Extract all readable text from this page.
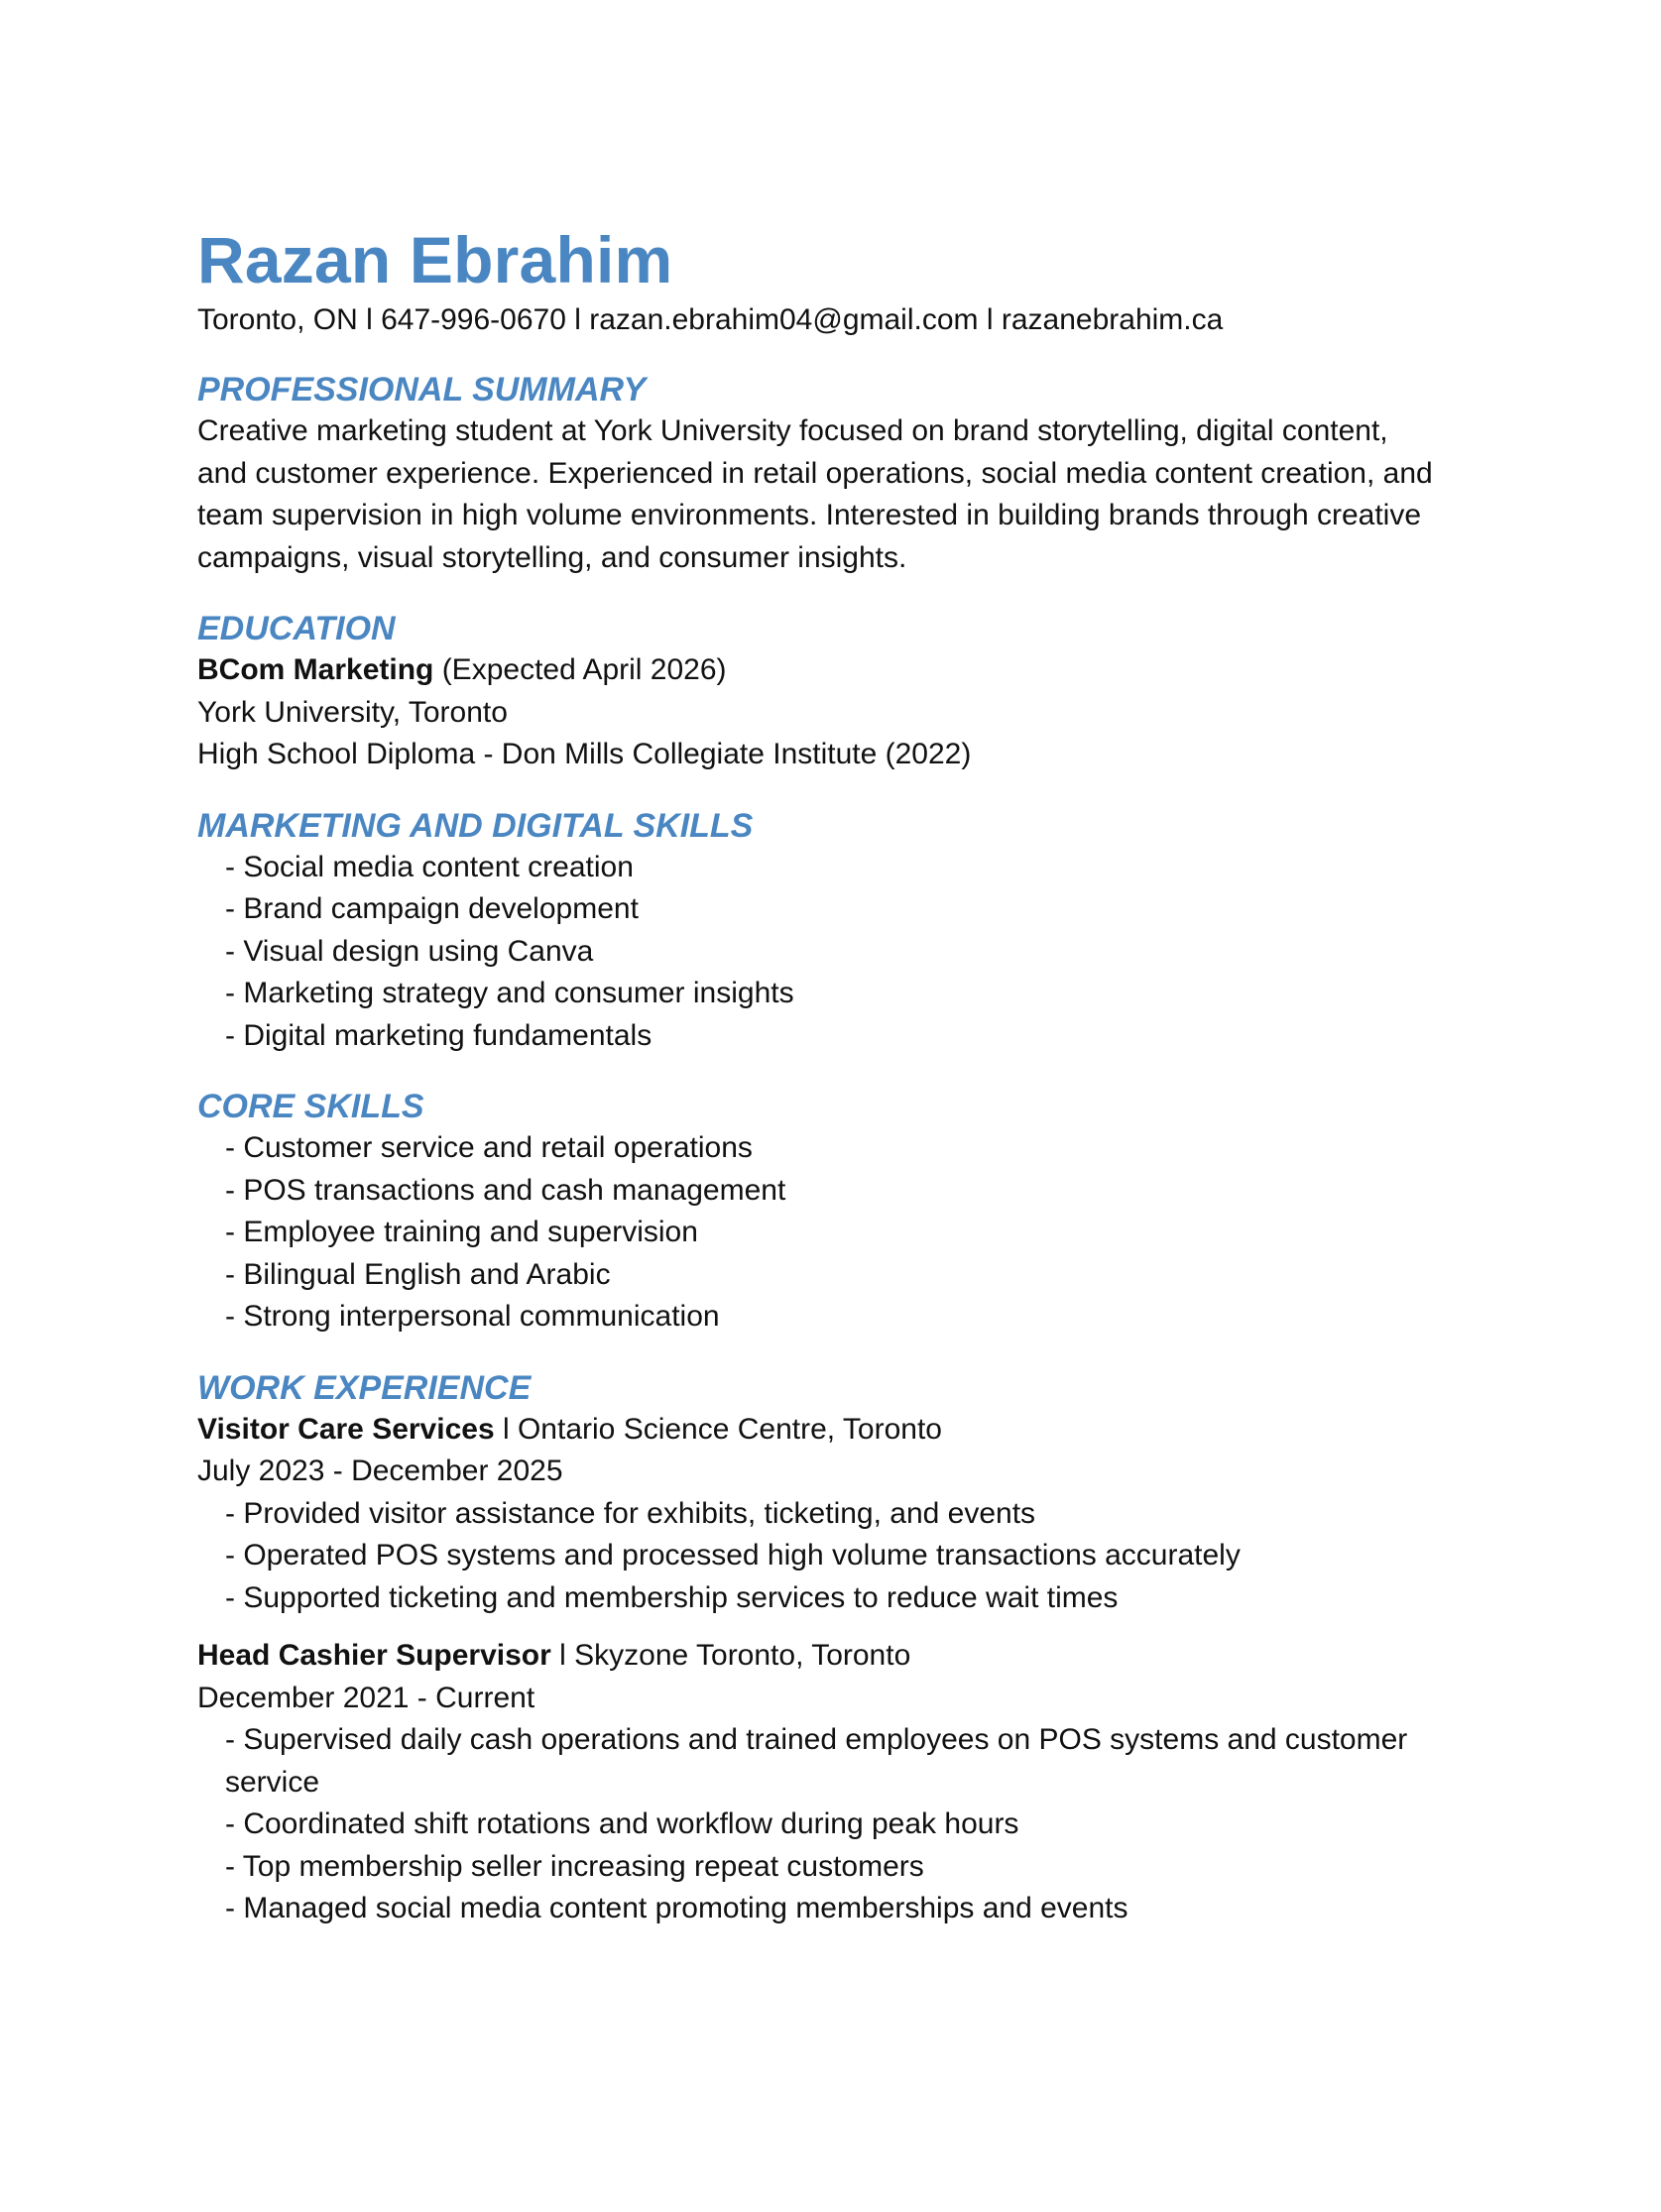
Razan Ebrahim

Toronto, ON l 647-996-0670 l razan.ebrahim04@gmail.com l razanebrahim.ca

PROFESSIONAL SUMMARY

Creative marketing student at York University focused on brand storytelling, digital content,

and customer experience. Experienced in retail operations, social media content creation, and

team supervision in high volume environments. Interested in building brands through creative

campaigns, visual storytelling, and consumer insights.

EDUCATION

BCom Marketing (Expected April 2026)

York University, Toronto

High School Diploma - Don Mills Collegiate Institute (2022)

MARKETING AND DIGITAL SKILLS
- Social media content creation
- Brand campaign development
- Visual design using Canva
- Marketing strategy and consumer insights
- Digital marketing fundamentals
CORE SKILLS
- Customer service and retail operations
- POS transactions and cash management
- Employee training and supervision
- Bilingual English and Arabic
- Strong interpersonal communication
WORK EXPERIENCE

Visitor Care Services l Ontario Science Centre, Toronto

July 2023 - December 2025

- Provided visitor assistance for exhibits, ticketing, and events
- Operated POS systems and processed high volume transactions accurately
- Supported ticketing and membership services to reduce wait times

Head Cashier Supervisor l Skyzone Toronto, Toronto

December 2021 - Current

- Supervised daily cash operations and trained employees on POS systems and customer
service
- Coordinated shift rotations and workflow during peak hours
- Top membership seller increasing repeat customers
- Managed social media content promoting memberships and events
